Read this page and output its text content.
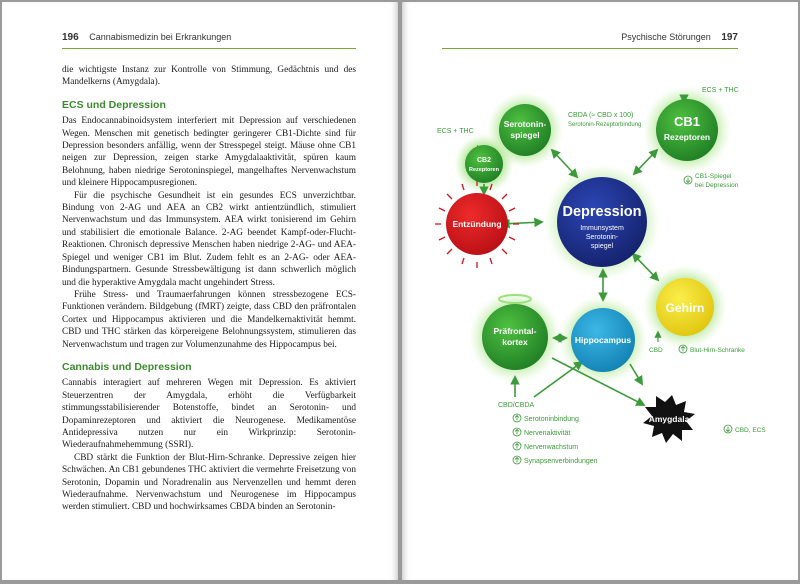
196 Cannabismedizin bei Erkrankungen

die wichtigste Instanz zur Kontrolle von Stimmung, Gedächtnis und des Mandelkerns (Amygdala).

ECS und Depression

Das Endocannabinoidsystem interferiert mit Depression auf verschiedenen Wegen. Menschen mit genetisch bedingter geringerer CB1-Dichte sind für Depression besonders anfällig, wenn der Stresspegel steigt. Mäuse ohne CB1 neigen zur Depression, zeigen starke Amygdalaaktivität, spüren kaum Belohnung, haben niedrige Serotoninspiegel, mangelhaftes Nervenwachstum und kleinere Hippocampusregionen.

Für die psychische Gesundheit ist ein gesundes ECS unverzichtbar. Bindung von 2-AG und AEA an CB2 wirkt antientzündlich, stimuliert Nervenwachstum und das Immunsystem. AEA wirkt tonisierend im Gehirn und stabilisiert die emotionale Balance. 2-AG beendet Kampf-oder-Flucht-Reaktionen. Chronisch depressive Menschen haben niedrige 2-AG- und AEA-Spiegel und weniger CB1 im Blut. Zudem fehlt es an 2-AG- oder AEA-Bindungspartnern. Gesunde Stressbewältigung ist dann schwerlich möglich und die hyperaktive Amygdala macht ungehindert Stress.

Frühe Stress- und Traumaerfahrungen können stressbezogene ECS-Funktionen verändern. Bildgebung (fMRT) zeigte, dass CBD den präfrontalen Cortex und Hippocampus aktivieren und die Mandelkernaktivität hemmt. CBD und THC stärken das körpereigene Belohnungssystem, stimulieren das Nervenwachstum und tragen zur Volumenzunahme des Hippocampus bei.

Cannabis und Depression

Cannabis interagiert auf mehreren Wegen mit Depression. Es aktiviert Steuerzentren der Amygdala, erhöht die Verfügbarkeit stimmungsstabilisierender Botenstoffe, bindet an Serotonin- und Dopaminrezeptoren und aktiviert die Neurogenese. Medikamentöse Antidepressiva nutzen nur ein Wirkprinzip: Serotonin-Wiederaufnahmehemmung (SSRI).

CBD stärkt die Funktion der Blut-Hirn-Schranke. Depressive zeigen hier Schwächen. An CB1 gebundenes THC aktiviert die vermehrte Freisetzung von Serotonin, Dopamin und Noradrenalin aus Nervenzellen und hemmt deren Wiederaufnahme. Nervenwachstum und Neurogenese im Hippocampus werden stimuliert. CBD und hochwirksames CBDA binden an Serotonin-

Psychische Störungen 197
Serotonin-
spiegel
CB1
Rezeptoren
CB2
Rezeptoren
Entzündung
Depression
Immunsystem
Serotonin-
spiegel
Gehirn
Präfrontal-
kortex	Hippocampus
Amygdala
ECS + THC
ECS + THC
CBDA (≈ CBD x 100)
Serotonin-Rezeptorbindung
CB1-Spiegel
bei Depression
CBD	Blut-Hirn-Schranke
CBD/CBDA
CBD, ECS
Serotoninbindung
Nervenaktivität
Nervenwachstum
Synapsenverbindungen
